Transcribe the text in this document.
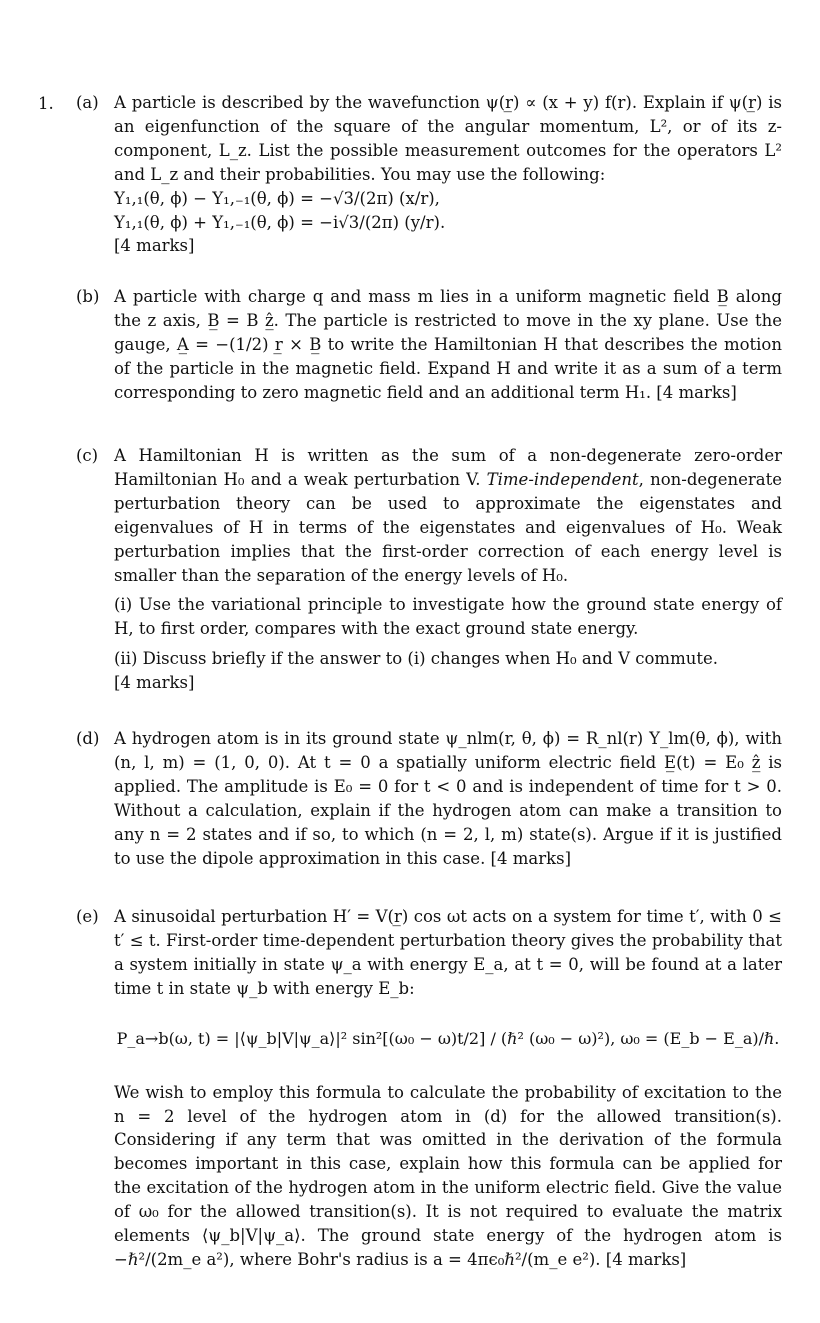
1. (a) A particle is described by the wavefunction ψ(r̲) ∝ (x + y) f(r). Explain if ψ(r̲) is an eigenfunction of the square of the angular momentum, L², or of its z-component, L_z. List the possible measurement outcomes for the operators L² and L_z and their probabilities. You may use the following:

Y₁,₁(θ, ϕ) − Y₁,₋₁(θ, ϕ) = −√3/(2π) (x/r),
Y₁,₁(θ, ϕ) + Y₁,₋₁(θ, ϕ) = −i√3/(2π) (y/r).
[4 marks]
(b) A particle with charge q and mass m lies in a uniform magnetic field B̲ along the z axis, B̲ = B ẑ̲. The particle is restricted to move in the xy plane. Use the gauge, A̲ = −(1/2) r̲ × B̲ to write the Hamiltonian H that describes the motion of the particle in the magnetic field. Expand H and write it as a sum of a term corresponding to zero magnetic field and an additional term H₁. [4 marks]

(c) A Hamiltonian H is written as the sum of a non-degenerate zero-order Hamiltonian H₀ and a weak perturbation V. Time-independent, non-degenerate perturbation theory can be used to approximate the eigenstates and eigenvalues of H in terms of the eigenstates and eigenvalues of H₀. Weak perturbation implies that the first-order correction of each energy level is smaller than the separation of the energy levels of H₀.

(i) Use the variational principle to investigate how the ground state energy of H, to first order, compares with the exact ground state energy.

(ii) Discuss briefly if the answer to (i) changes when H₀ and V commute.

[4 marks]
(d) A hydrogen atom is in its ground state ψ_nlm(r, θ, ϕ) = R_nl(r) Y_lm(θ, ϕ), with (n, l, m) = (1, 0, 0). At t = 0 a spatially uniform electric field E̲(t) = E₀ ẑ̲ is applied. The amplitude is E₀ = 0 for t < 0 and is independent of time for t > 0. Without a calculation, explain if the hydrogen atom can make a transition to any n = 2 states and if so, to which (n = 2, l, m) state(s). Argue if it is justified to use the dipole approximation in this case. [4 marks]

(e) A sinusoidal perturbation H′ = V(r̲) cos ωt acts on a system for time t′, with 0 ≤ t′ ≤ t. First-order time-dependent perturbation theory gives the probability that a system initially in state ψ_a with energy E_a, at t = 0, will be found at a later time t in state ψ_b with energy E_b:

P_a→b(ω, t) = |⟨ψ_b|V|ψ_a⟩|² sin²[(ω₀ − ω)t/2] / (ℏ² (ω₀ − ω)²), ω₀ = (E_b − E_a)/ℏ.

We wish to employ this formula to calculate the probability of excitation to the n = 2 level of the hydrogen atom in (d) for the allowed transition(s). Considering if any term that was omitted in the derivation of the formula becomes important in this case, explain how this formula can be applied for the excitation of the hydrogen atom in the uniform electric field. Give the value of ω₀ for the allowed transition(s). It is not required to evaluate the matrix elements ⟨ψ_b|V|ψ_a⟩. The ground state energy of the hydrogen atom is −ℏ²/(2m_e a²), where Bohr's radius is a = 4πϵ₀ℏ²/(m_e e²). [4 marks]
